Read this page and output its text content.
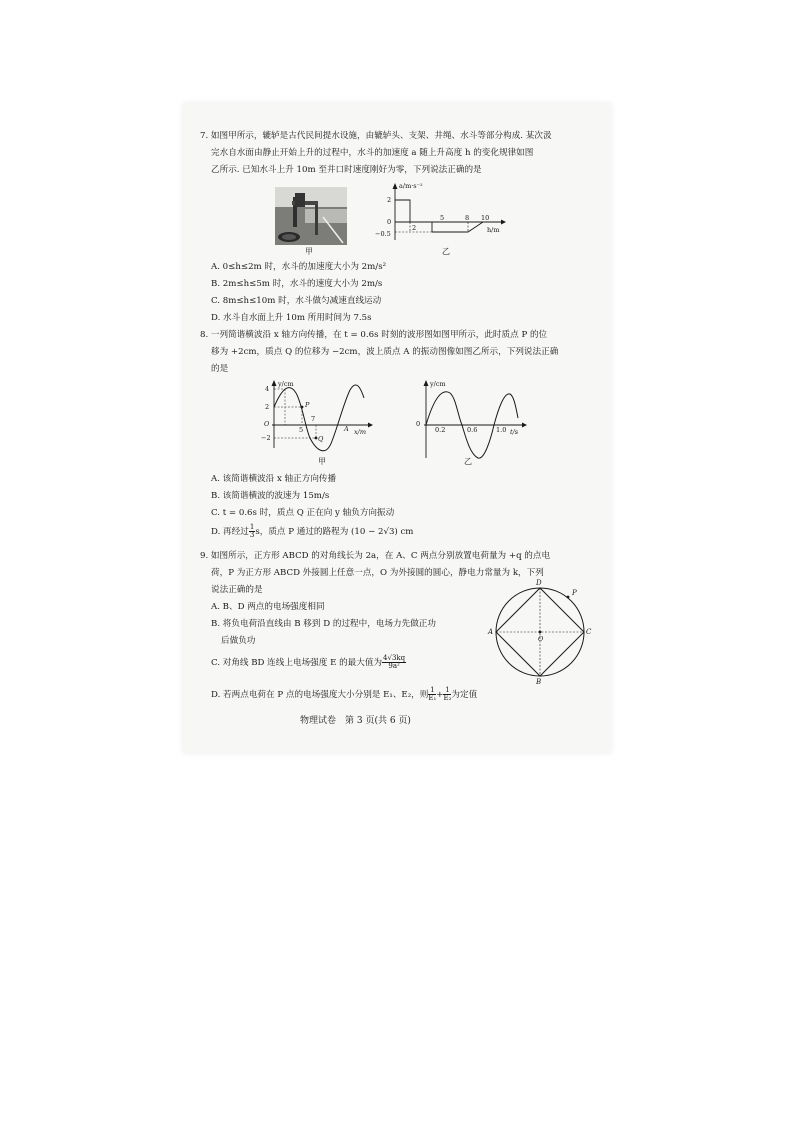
7. 如图甲所示，辘轳是古代民间提水设施，由辘轳头、支架、井绳、水斗等部分构成. 某次汲
完水自水面由静止开始上升的过程中，水斗的加速度 a 随上升高度 h 的变化规律如图
乙所示. 已知水斗上升 10m 至井口时速度刚好为零，下列说法正确的是
甲
a/m·s⁻²
h/m
2
0
−0.5
2
5	8 10
乙
A. 0≤h≤2m 时，水斗的加速度大小为 2m/s²
B. 2m≤h≤5m 时，水斗的速度大小为 2m/s
C. 8m≤h≤10m 时，水斗做匀减速直线运动
D. 水斗自水面上升 10m 所用时间为 7.5s
8. 一列简谐横波沿 x 轴方向传播，在 t = 0.6s 时刻的波形图如图甲所示，此时质点 P 的位
移为 +2cm，质点 Q 的位移为 −2cm，波上质点 A 的振动图像如图乙所示，下列说法正确
的是
y/cm
x/m
4
2
O
−2
5
7
P
Q
A
甲
y/cm
t/s
0
0.2	0.6	1.0
乙
A. 该简谐横波沿 x 轴正方向传播
B. 该简谐横波的波速为 15m/s
C. t = 0.6s 时，质点 Q 正在向 y 轴负方向振动
D. 再经过 $\frac{1}{3}$ s，质点 P 通过的路程为 (10 − 2√3) cm
9. 如图所示，正方形 ABCD 的对角线长为 2a，在 A、C 两点分别放置电荷量为 +q 的点电
荷，P 为正方形 ABCD 外接圆上任意一点，O 为外接圆的圆心，静电力常量为 k，下列
说法正确的是
A. B、D 两点的电场强度相同
B. 将负电荷沿直线由 B 移到 D 的过程中，电场力先做正功
后做负功
C. 对角线 BD 连线上电场强度 E 的最大值为 $\frac{4√3kq}{\text{9a²}}$
D. 若两点电荷在 P 点的电场强度大小分别是 E₁、E₂，则 $\frac{1}{\text{E₁}} + \frac{1}{\text{E₂}}$ 为定值
D
P
A	C
O
B
物理试卷　第 3 页(共 6 页)
